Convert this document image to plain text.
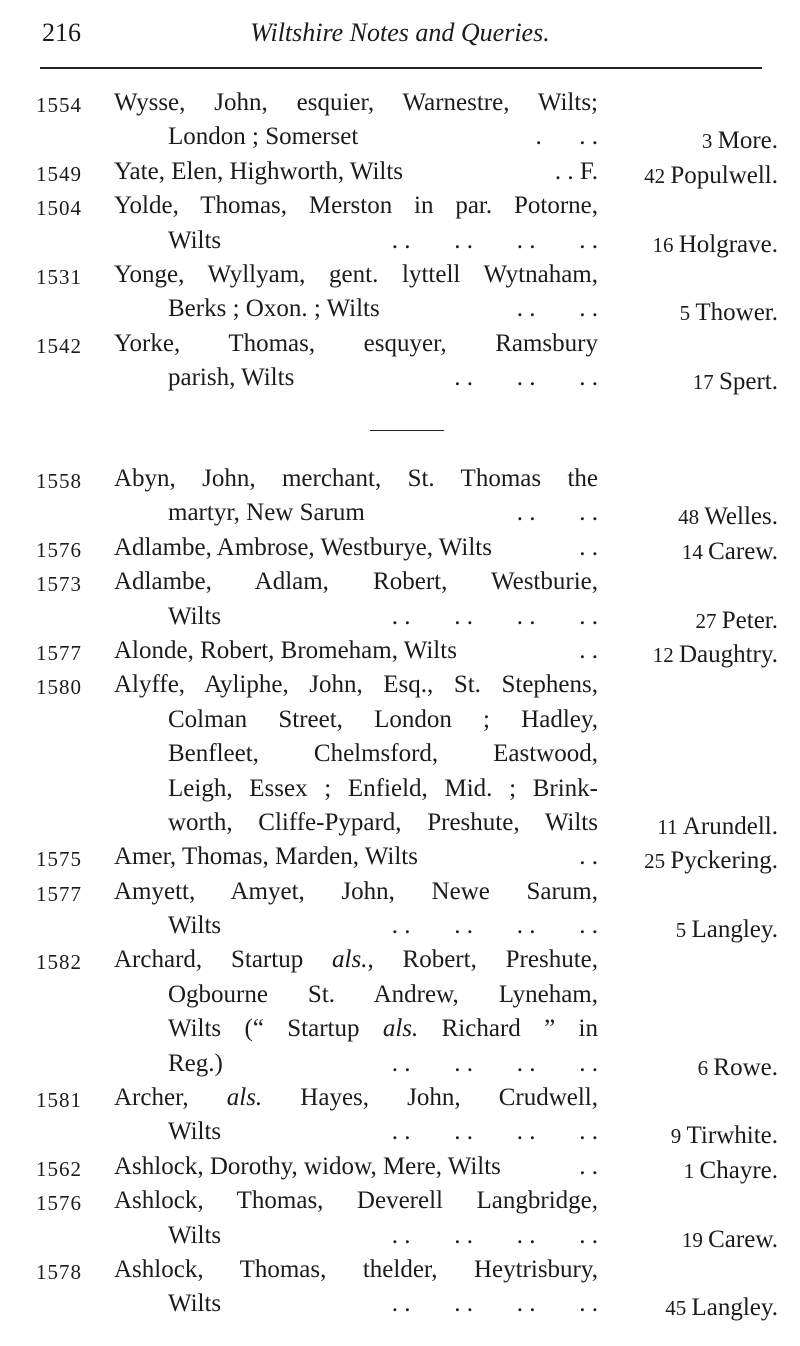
216	Wiltshire Notes and Queries.
1554 Wysse, John, esquier, Warnestre, Wilts;
London ; Somerset	.      . .	3 More.
1549 Yate, Elen, Highworth, Wilts	. . F. 42 Populwell.
1504 Yolde, Thomas, Merston in par. Potorne,
Wilts	. .       . .       . .       . .	16 Holgrave.
1531 Yonge, Wyllyam, gent. lyttell Wytnaham,
Berks ; Oxon. ; Wilts	. .       . .	5 Thower.
1542 Yorke, Thomas, esquyer, Ramsbury
parish, Wilts	. .       . .       . .	17 Spert.
1558 Abyn, John, merchant, St. Thomas the
martyr, New Sarum	. .       . .	48 Welles.
1576 Adlambe, Ambrose, Westburye, Wilts	. .	14 Carew.
1573 Adlambe, Adlam, Robert, Westburie,
Wilts	. .       . .       . .       . .	27 Peter.
1577 Alonde, Robert, Bromeham, Wilts	. .	12 Daughtry.
1580 Alyffe, Ayliphe, John, Esq., St. Stephens,
Colman Street, London ; Hadley,
Benfleet, Chelmsford, Eastwood,
Leigh, Essex ; Enfield, Mid. ; Brink-
worth, Cliffe-Pypard, Preshute, Wilts	11 Arundell.
1575 Amer, Thomas, Marden, Wilts	. . 25 Pyckering.
1577 Amyett, Amyet, John, Newe Sarum,
Wilts	. .       . .       . .       . .	5 Langley.
1582 Archard, Startup als., Robert, Preshute,
Ogbourne St. Andrew, Lyneham,
Wilts (“ Startup als. Richard ” in
Reg.)	. .       . .       . .       . .	6 Rowe.
1581 Archer, als. Hayes, John, Crudwell,
Wilts	. .       . .       . .       . .	9 Tirwhite.
1562 Ashlock, Dorothy, widow, Mere, Wilts	. .	1 Chayre.
1576 Ashlock, Thomas, Deverell Langbridge,
Wilts	. .       . .       . .       . .	19 Carew.
1578 Ashlock, Thomas, thelder, Heytrisbury,
Wilts	. .       . .       . .       . .	45 Langley.
